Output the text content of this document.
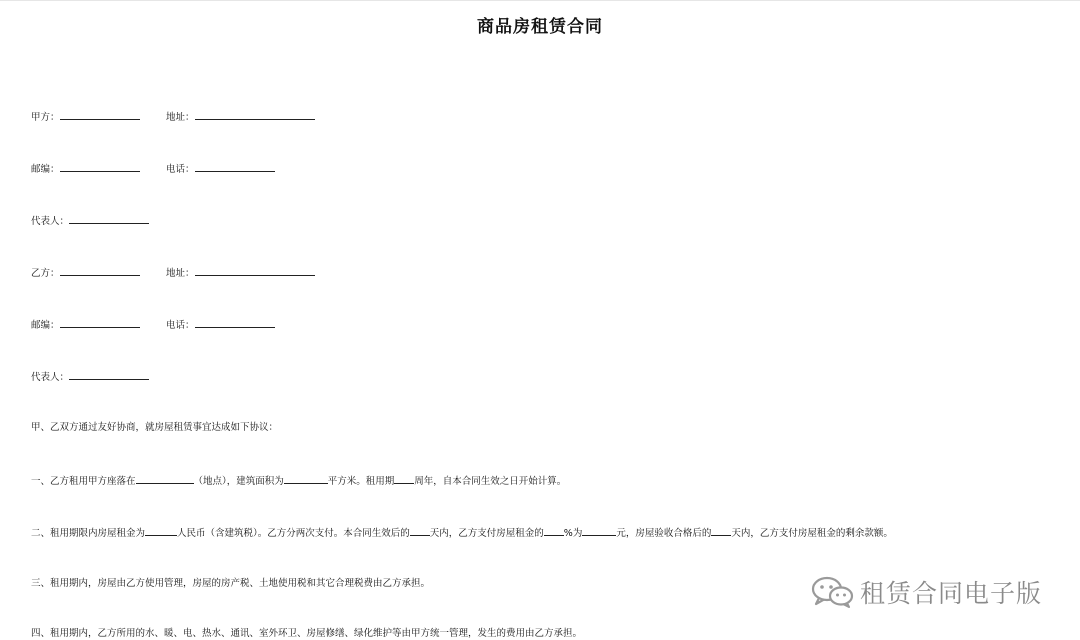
商品房租赁合同
甲方：	地址：
邮编：	电话：
代表人：
乙方：	地址：
邮编：	电话：
代表人：
甲、乙双方通过友好协商，就房屋租赁事宜达成如下协议：
一、乙方租用甲方座落在	（地点），建筑面积为	平方米。租用期 周年，自本合同生效之日开始计算。
二、租用期限内房屋租金为	人民币（含建筑税）。乙方分两次支付。本合同生效后的 天内，乙方支付房屋租金的 %为	元，房屋验收合格后的 天内，乙方支付房屋租金的剩余款额。
三、租用期内，房屋由乙方使用管理，房屋的房产税、土地使用税和其它合理税费由乙方承担。
四、租用期内，乙方所用的水、暖、电、热水、通讯、室外环卫、房屋修缮、绿化维护等由甲方统一管理，发生的费用由乙方承担。
租赁合同电子版
